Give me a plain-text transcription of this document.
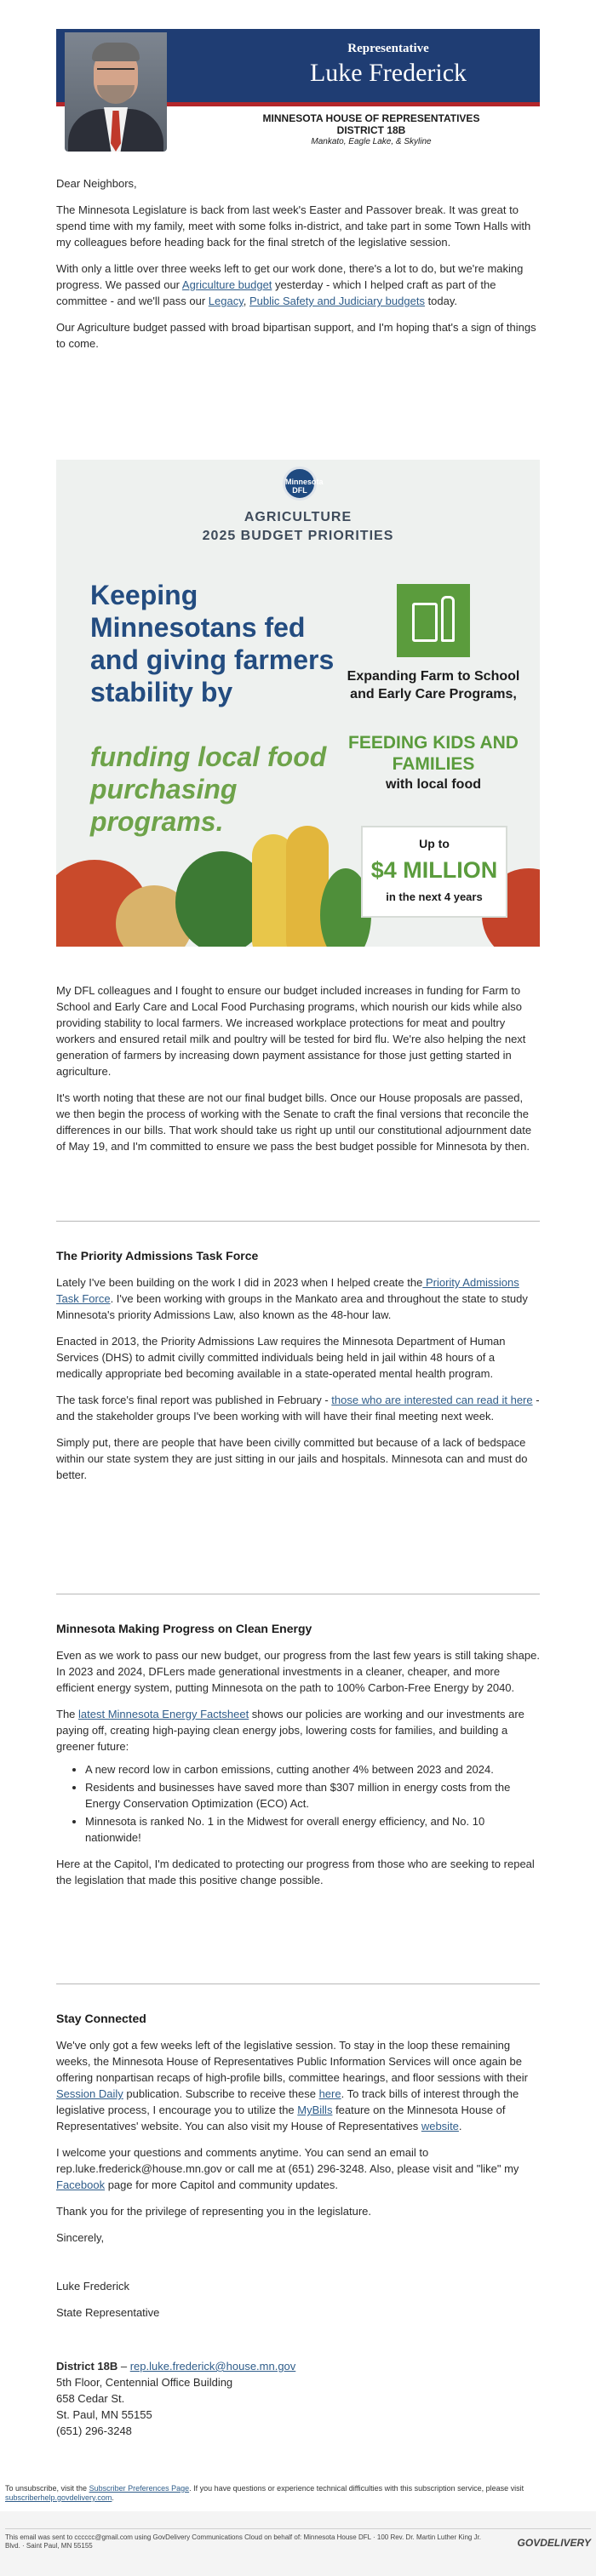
Representative
Luke Frederick
MINNESOTA HOUSE OF REPRESENTATIVES
DISTRICT 18B
Mankato, Eagle Lake, & Skyline

Dear Neighbors,

The Minnesota Legislature is back from last week's Easter and Passover break. It was great to spend time with my family, meet with some folks in-district, and take part in some Town Halls with my colleagues before heading back for the final stretch of the legislative session.

With only a little over three weeks left to get our work done, there's a lot to do, but we're making progress. We passed our Agriculture budget yesterday - which I helped craft as part of the committee - and we'll pass our Legacy, Public Safety and Judiciary budgets today.

Our Agriculture budget passed with broad bipartisan support, and I'm hoping that's a sign of things to come.

Minnesota DFL
AGRICULTURE
2025 BUDGET PRIORITIES
Keeping Minnesotans fed and giving farmers stability by
funding local food purchasing programs.
Expanding Farm to School and Early Care Programs,
FEEDING KIDS AND FAMILIES
with local food
Up to
$4 MILLION
in the next 4 years

My DFL colleagues and I fought to ensure our budget included increases in funding for Farm to School and Early Care and Local Food Purchasing programs, which nourish our kids while also providing stability to local farmers. We increased workplace protections for meat and poultry workers and ensured retail milk and poultry will be tested for bird flu. We're also helping the next generation of farmers by increasing down payment assistance for those just getting started in agriculture.

It's worth noting that these are not our final budget bills. Once our House proposals are passed, we then begin the process of working with the Senate to craft the final versions that reconcile the differences in our bills. That work should take us right up until our constitutional adjournment date of May 19, and I'm committed to ensure we pass the best budget possible for Minnesota by then.

The Priority Admissions Task Force

Lately I've been building on the work I did in 2023 when I helped create the Priority Admissions Task Force. I've been working with groups in the Mankato area and throughout the state to study Minnesota's priority Admissions Law, also known as the 48-hour law.

Enacted in 2013, the Priority Admissions Law requires the Minnesota Department of Human Services (DHS) to admit civilly committed individuals being held in jail within 48 hours of a medically appropriate bed becoming available in a state-operated mental health program.

The task force's final report was published in February - those who are interested can read it here - and the stakeholder groups I've been working with will have their final meeting next week.

Simply put, there are people that have been civilly committed but because of a lack of bedspace within our state system they are just sitting in our jails and hospitals. Minnesota can and must do better.

Minnesota Making Progress on Clean Energy

Even as we work to pass our new budget, our progress from the last few years is still taking shape. In 2023 and 2024, DFLers made generational investments in a cleaner, cheaper, and more efficient energy system, putting Minnesota on the path to 100% Carbon-Free Energy by 2040.

The latest Minnesota Energy Factsheet shows our policies are working and our investments are paying off, creating high-paying clean energy jobs, lowering costs for families, and building a greener future:

• A new record low in carbon emissions, cutting another 4% between 2023 and 2024.
• Residents and businesses have saved more than $307 million in energy costs from the Energy Conservation Optimization (ECO) Act.
• Minnesota is ranked No. 1 in the Midwest for overall energy efficiency, and No. 10 nationwide!

Here at the Capitol, I'm dedicated to protecting our progress from those who are seeking to repeal the legislation that made this positive change possible.

Stay Connected

We've only got a few weeks left of the legislative session. To stay in the loop these remaining weeks, the Minnesota House of Representatives Public Information Services will once again be offering nonpartisan recaps of high-profile bills, committee hearings, and floor sessions with their Session Daily publication. Subscribe to receive these here. To track bills of interest through the legislative process, I encourage you to utilize the MyBills feature on the Minnesota House of Representatives' website. You can also visit my House of Representatives website.

I welcome your questions and comments anytime. You can send an email to rep.luke.frederick@house.mn.gov or call me at (651) 296-3248. Also, please visit and "like" my Facebook page for more Capitol and community updates.

Thank you for the privilege of representing you in the legislature.

Sincerely,

Luke Frederick

State Representative

District 18B – rep.luke.frederick@house.mn.gov

5th Floor, Centennial Office Building

658 Cedar St.

St. Paul, MN 55155

(651) 296-3248

To unsubscribe, visit the Subscriber Preferences Page. If you have questions or experience technical difficulties with this subscription service, please visit subscriberhelp.govdelivery.com.
This email was sent to cccccc@gmail.com using GovDelivery Communications Cloud on behalf of: Minnesota House DFL · 100 Rev. Dr. Martin Luther King Jr. Blvd. · Saint Paul, MN 55155	GOVDELIVERY
